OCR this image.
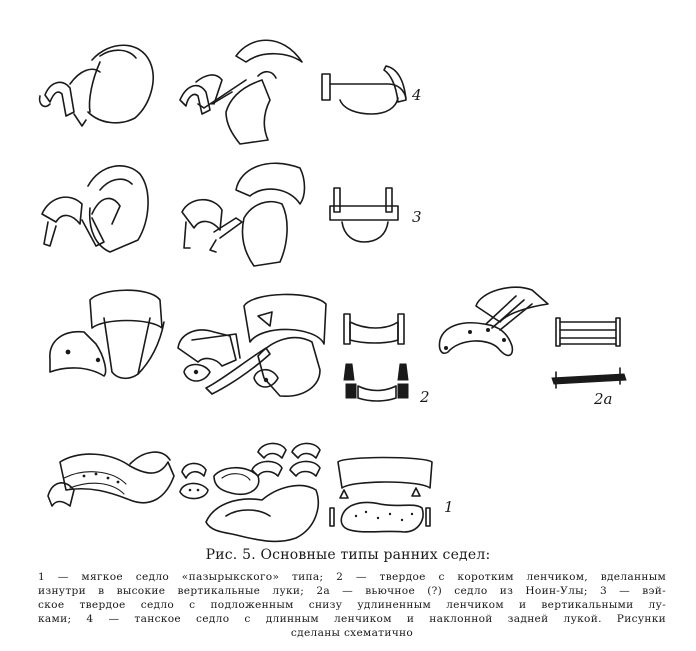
4
3
2	2a
1
Рис. 5. Основные типы ранних седел:
1 — мягкое седло «пазырыкского» типа; 2 — твердое с коротким ленчиком, вделанным
изнутри в высокие вертикальные луки; 2а — вьючное (?) седло из Ноин-Улы; 3 — вэй-
ское твердое седло с подложенным снизу удлиненным ленчиком и вертикальными лу-
ками; 4 — танское седло с длинным ленчиком и наклонной задней лукой. Рисунки
сделаны схематично
